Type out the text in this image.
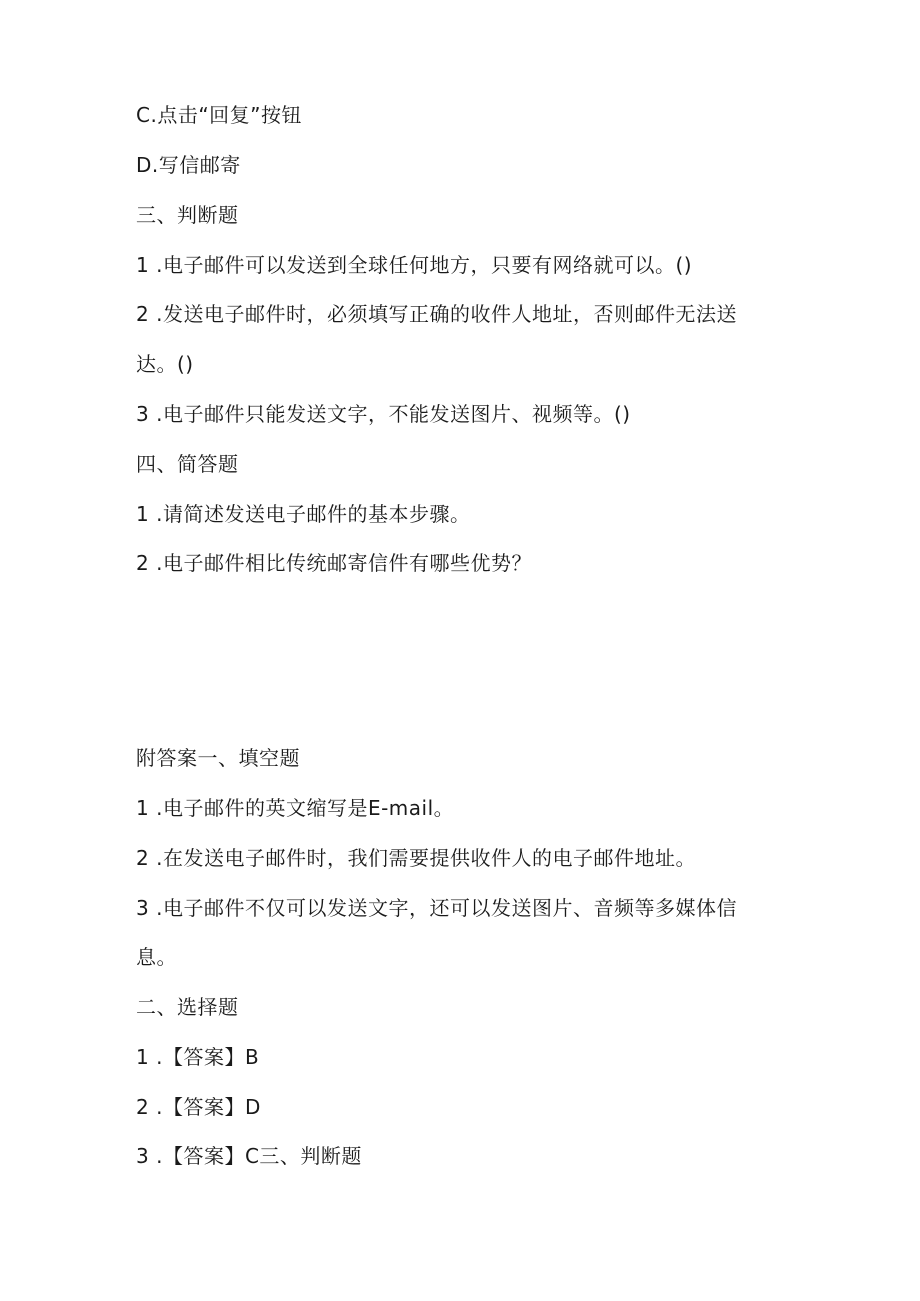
C.点击“回复”按钮
D.写信邮寄
三、判断题
1 .电子邮件可以发送到全球任何地方，只要有网络就可以。()
2 .发送电子邮件时，必须填写正确的收件人地址，否则邮件无法送
达。()
3 .电子邮件只能发送文字，不能发送图片、视频等。()
四、简答题
1 .请简述发送电子邮件的基本步骤。
2 .电子邮件相比传统邮寄信件有哪些优势？
附答案一、填空题
1 .电子邮件的英文缩写是E-mail。
2 .在发送电子邮件时，我们需要提供收件人的电子邮件地址。
3 .电子邮件不仅可以发送文字，还可以发送图片、音频等多媒体信
息。
二、选择题
1 .【答案】B
2 .【答案】D
3 .【答案】C三、判断题
